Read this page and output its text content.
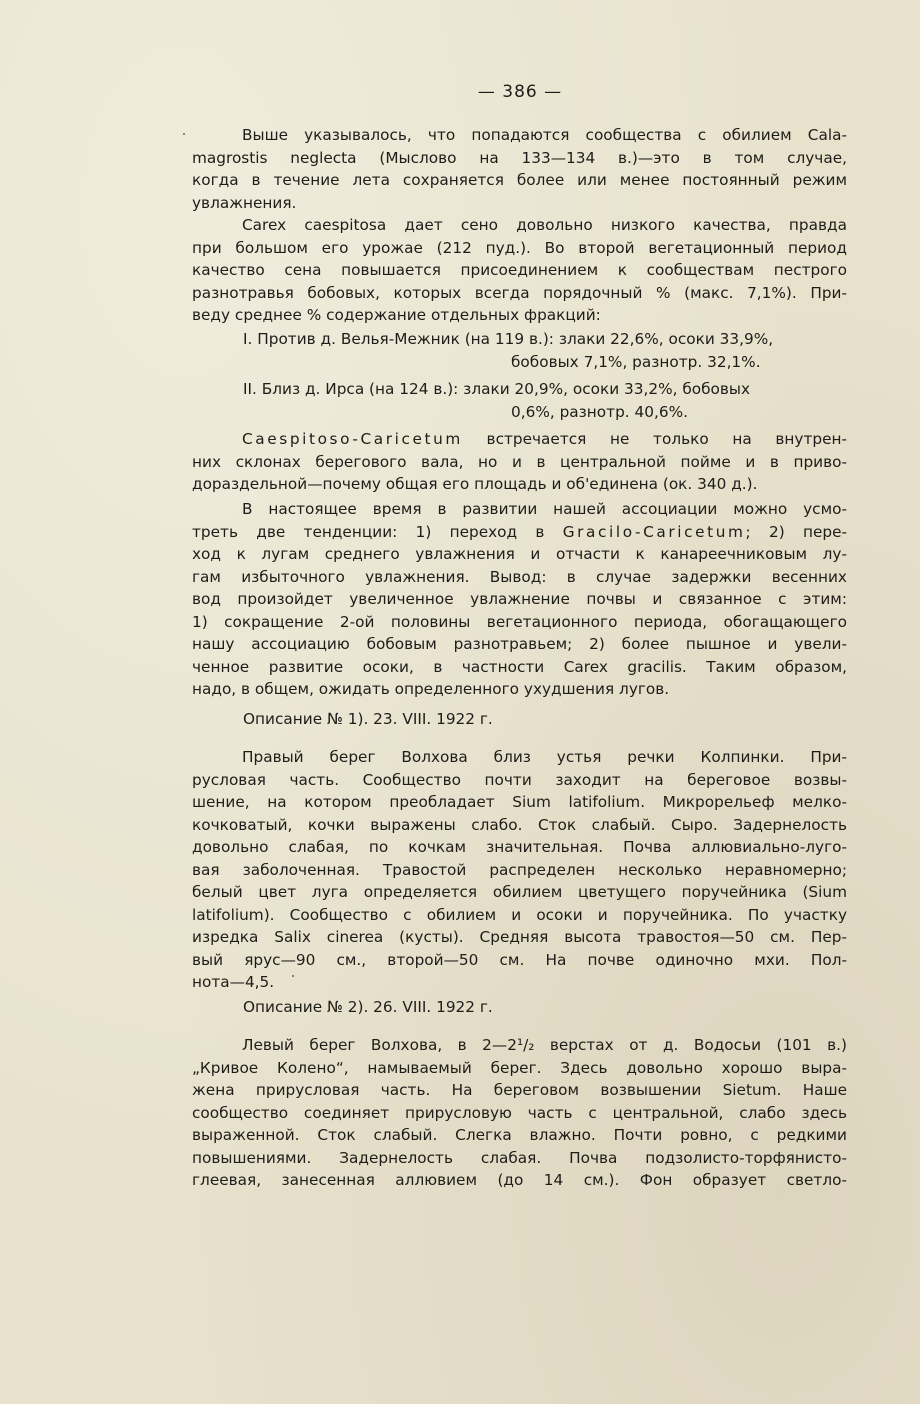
— 386 —
Выше указывалось, что попадаются сообщества с обилием Cala-
magrostis neglecta (Мыслово на 133—134 в.)—это в том случае,
когда в течение лета сохраняется более или менее постоянный режим
увлажнения.
Carex caespitosa дает сено довольно низкого качества, правда
при большом его урожае (212 пуд.). Во второй вегетационный период
качество сена повышается присоединением к сообществам пестрого
разнотравья бобовых, которых всегда порядочный % (макс. 7,1%). При-
веду среднее % содержание отдельных фракций:
I. Против д. Велья-Межник (на 119 в.): злаки 22,6%, осоки 33,9%,
бобовых 7,1%, разнотр. 32,1%.
II. Близ д. Ирса (на 124 в.): злаки 20,9%, осоки 33,2%, бобовых
0,6%, разнотр. 40,6%.
Caespitoso-Caricetum встречается не только на внутрен-
них склонах берегового вала, но и в центральной пойме и в приво-
дораздельной—почему общая его площадь и об'единена (ок. 340 д.).
В настоящее время в развитии нашей ассоциации можно усмо-
треть две тенденции: 1) переход в Gracilo-Caricetum; 2) пере-
ход к лугам среднего увлажнения и отчасти к канареечниковым лу-
гам избыточного увлажнения. Вывод: в случае задержки весенних
вод произойдет увеличенное увлажнение почвы и связанное с этим:
1) сокращение 2-ой половины вегетационного периода, обогащающего
нашу ассоциацию бобовым разнотравьем; 2) более пышное и увели-
ченное развитие осоки, в частности Carex gracilis. Таким образом,
надо, в общем, ожидать определенного ухудшения лугов.
Описание № 1). 23. VIII. 1922 г.
Правый берег Волхова близ устья речки Колпинки. При-
русловая часть. Сообщество почти заходит на береговое возвы-
шение, на котором преобладает Sium latifolium. Микрорельеф мелко-
кочковатый, кочки выражены слабо. Сток слабый. Сыро. Задернелость
довольно слабая, по кочкам значительная. Почва аллювиально-луго-
вая заболоченная. Травостой распределен несколько неравномерно;
белый цвет луга определяется обилием цветущего поручейника (Sium
latifolium). Сообщество с обилием и осоки и поручейника. По участку
изредка Salix cinerea (кусты). Средняя высота травостоя—50 см. Пер-
вый ярус—90 см., второй—50 см. На почве одиночно мхи. Пол-
нота—4,5.
Описание № 2). 26. VIII. 1922 г.
Левый берег Волхова, в 2—2¹/₂ верстах от д. Водосьи (101 в.)
„Кривое Колено“, намываемый берег. Здесь довольно хорошо выра-
жена прирусловая часть. На береговом возвышении Sietum. Наше
сообщество соединяет прирусловую часть с центральной, слабо здесь
выраженной. Сток слабый. Слегка влажно. Почти ровно, с редкими
повышениями. Задернелость слабая. Почва подзолисто-торфянисто-
глеевая, занесенная аллювием (до 14 см.). Фон образует светло-
